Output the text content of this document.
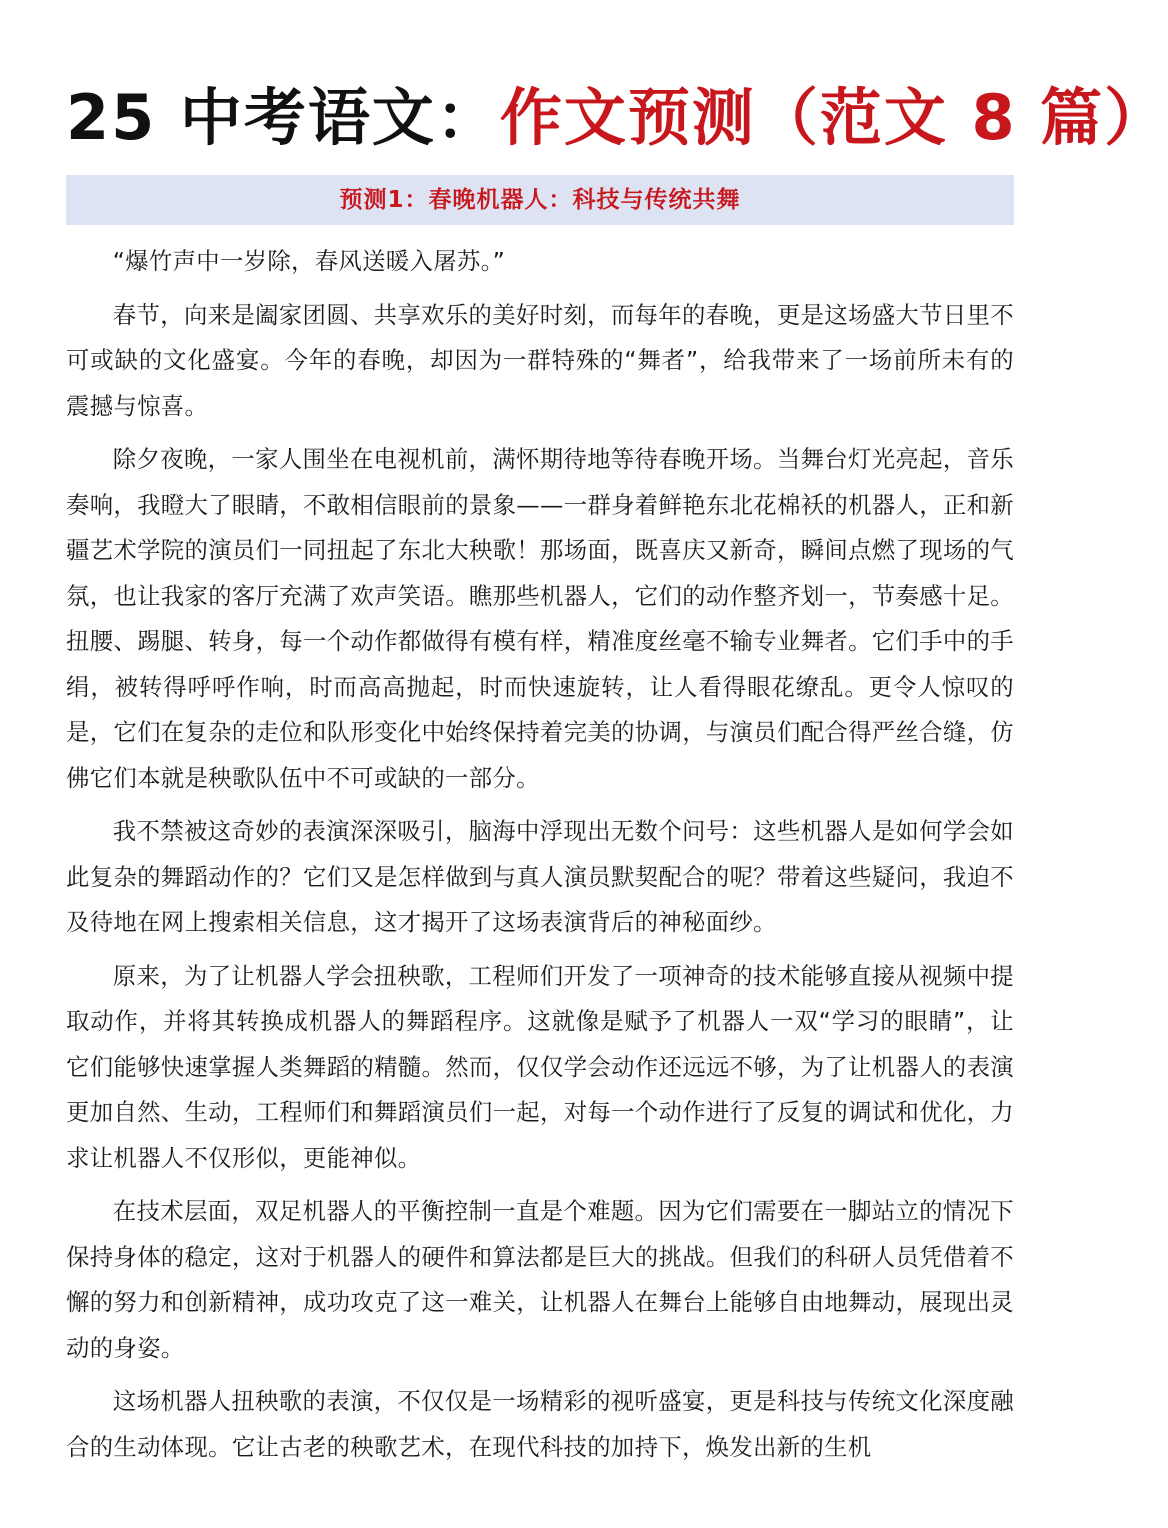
25 中考语文：作文预测（范文 8 篇）
预测1：春晚机器人：科技与传统共舞

“爆竹声中一岁除，春风送暖入屠苏。”

春节，向来是阖家团圆、共享欢乐的美好时刻，而每年的春晚，更是这场盛大节日里不可或缺的文化盛宴。今年的春晚，却因为一群特殊的“舞者”，给我带来了一场前所未有的震撼与惊喜。

除夕夜晚，一家人围坐在电视机前，满怀期待地等待春晚开场。当舞台灯光亮起，音乐奏响，我瞪大了眼睛，不敢相信眼前的景象——一群身着鲜艳东北花棉袄的机器人，正和新疆艺术学院的演员们一同扭起了东北大秧歌！那场面，既喜庆又新奇，瞬间点燃了现场的气氛，也让我家的客厅充满了欢声笑语。瞧那些机器人，它们的动作整齐划一，节奏感十足。扭腰、踢腿、转身，每一个动作都做得有模有样，精准度丝毫不输专业舞者。它们手中的手绢，被转得呼呼作响，时而高高抛起，时而快速旋转，让人看得眼花缭乱。更令人惊叹的是，它们在复杂的走位和队形变化中始终保持着完美的协调，与演员们配合得严丝合缝，仿佛它们本就是秧歌队伍中不可或缺的一部分。

我不禁被这奇妙的表演深深吸引，脑海中浮现出无数个问号：这些机器人是如何学会如此复杂的舞蹈动作的？它们又是怎样做到与真人演员默契配合的呢？带着这些疑问，我迫不及待地在网上搜索相关信息，这才揭开了这场表演背后的神秘面纱。

原来，为了让机器人学会扭秧歌，工程师们开发了一项神奇的技术能够直接从视频中提取动作，并将其转换成机器人的舞蹈程序。这就像是赋予了机器人一双“学习的眼睛”，让它们能够快速掌握人类舞蹈的精髓。然而，仅仅学会动作还远远不够，为了让机器人的表演更加自然、生动，工程师们和舞蹈演员们一起，对每一个动作进行了反复的调试和优化，力求让机器人不仅形似，更能神似。

在技术层面，双足机器人的平衡控制一直是个难题。因为它们需要在一脚站立的情况下保持身体的稳定，这对于机器人的硬件和算法都是巨大的挑战。但我们的科研人员凭借着不懈的努力和创新精神，成功攻克了这一难关，让机器人在舞台上能够自由地舞动，展现出灵动的身姿。

这场机器人扭秧歌的表演，不仅仅是一场精彩的视听盛宴，更是科技与传统文化深度融合的生动体现。它让古老的秧歌艺术，在现代科技的加持下，焕发出新的生机
